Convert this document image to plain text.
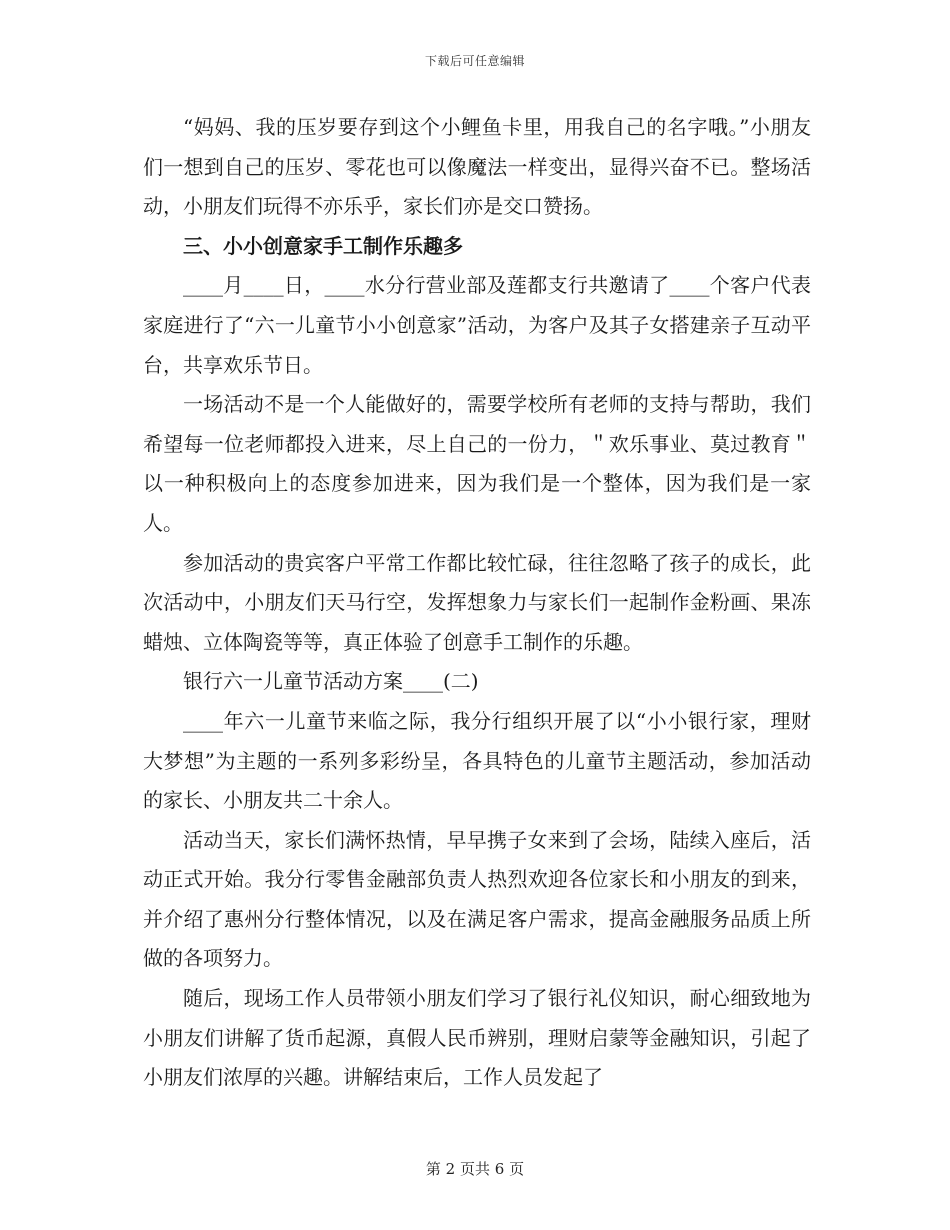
下载后可任意编辑

“妈妈、我的压岁要存到这个小鲤鱼卡里，用我自己的名字哦。”小朋友们一想到自己的压岁、零花也可以像魔法一样变出，显得兴奋不已。整场活动，小朋友们玩得不亦乐乎，家长们亦是交口赞扬。

三、小小创意家手工制作乐趣多

____月____日，____水分行营业部及莲都支行共邀请了____个客户代表家庭进行了“六一儿童节小小创意家”活动，为客户及其子女搭建亲子互动平台，共享欢乐节日。

一场活动不是一个人能做好的，需要学校所有老师的支持与帮助，我们希望每一位老师都投入进来，尽上自己的一份力，＂欢乐事业、莫过教育＂以一种积极向上的态度参加进来，因为我们是一个整体，因为我们是一家人。

参加活动的贵宾客户平常工作都比较忙碌，往往忽略了孩子的成长，此次活动中，小朋友们天马行空，发挥想象力与家长们一起制作金粉画、果冻蜡烛、立体陶瓷等等，真正体验了创意手工制作的乐趣。

银行六一儿童节活动方案____(二)

____年六一儿童节来临之际，我分行组织开展了以“小小银行家，理财大梦想”为主题的一系列多彩纷呈，各具特色的儿童节主题活动，参加活动的家长、小朋友共二十余人。

活动当天，家长们满怀热情，早早携子女来到了会场，陆续入座后，活动正式开始。我分行零售金融部负责人热烈欢迎各位家长和小朋友的到来，并介绍了惠州分行整体情况，以及在满足客户需求，提高金融服务品质上所做的各项努力。

随后，现场工作人员带领小朋友们学习了银行礼仪知识，耐心细致地为小朋友们讲解了货币起源，真假人民币辨别，理财启蒙等金融知识，引起了小朋友们浓厚的兴趣。讲解结束后，工作人员发起了

第 2 页共 6 页
